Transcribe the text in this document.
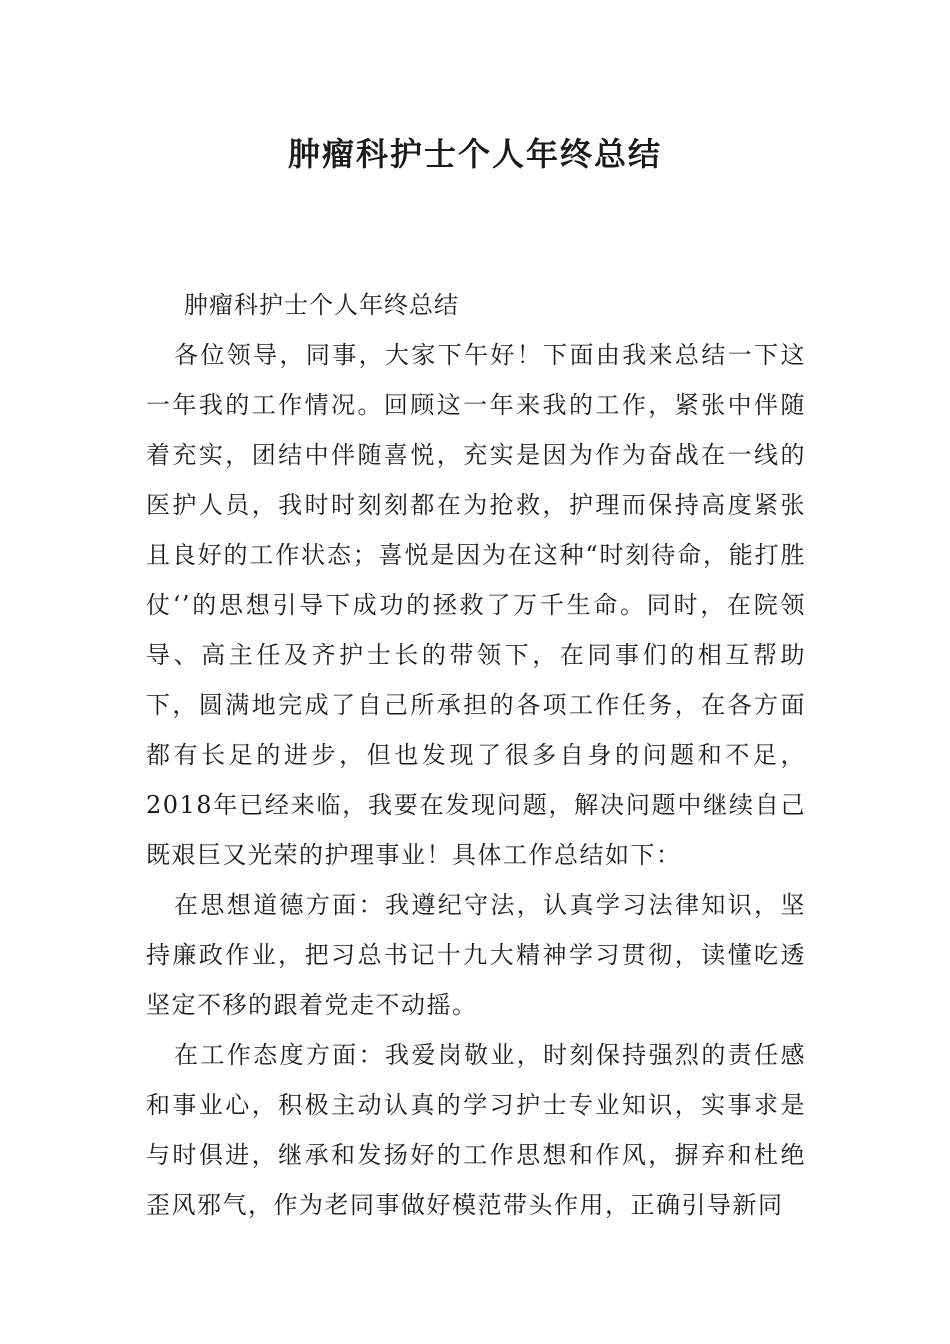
肿瘤科护士个人年终总结

肿瘤科护士个人年终总结

各位领导，同事，大家下午好！下面由我来总结一下这一年我的工作情况。回顾这一年来我的工作，紧张中伴随着充实，团结中伴随喜悦，充实是因为作为奋战在一线的医护人员，我时时刻刻都在为抢救，护理而保持高度紧张且良好的工作状态；喜悦是因为在这种“时刻待命，能打胜仗‘’的思想引导下成功的拯救了万千生命。同时，在院领导、高主任及齐护士长的带领下，在同事们的相互帮助下，圆满地完成了自己所承担的各项工作任务，在各方面都有长足的进步，但也发现了很多自身的问题和不足，2018年已经来临，我要在发现问题，解决问题中继续自己既艰巨又光荣的护理事业！具体工作总结如下：

在思想道德方面：我遵纪守法，认真学习法律知识，坚持廉政作业，把习总书记十九大精神学习贯彻，读懂吃透坚定不移的跟着党走不动摇。

在工作态度方面：我爱岗敬业，时刻保持强烈的责任感和事业心，积极主动认真的学习护士专业知识，实事求是与时俱进，继承和发扬好的工作思想和作风，摒弃和杜绝歪风邪气，作为老同事做好模范带头作用，正确引导新同
